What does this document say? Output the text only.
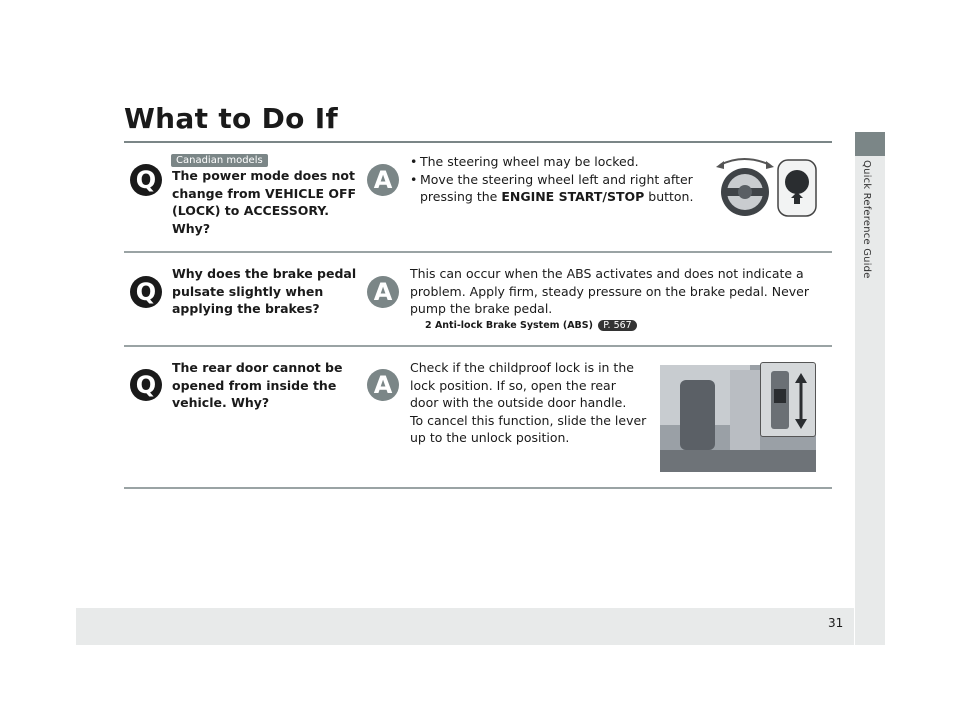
31
Quick Reference Guide
What to Do If
Q
Canadian models
The power mode does not
change from VEHICLE OFF
(LOCK) to ACCESSORY.
Why?
A
• The steering wheel may be locked.
• Move the steering wheel left and right after
pressing the ENGINE START/STOP button.
Q
Why does the brake pedal
pulsate slightly when
applying the brakes?
A
This can occur when the ABS activates and does not indicate a
problem. Apply firm, steady pressure on the brake pedal. Never
pump the brake pedal.
2 Anti-lock Brake System (ABS) P. 567
Q
The rear door cannot be
opened from inside the
vehicle. Why?
A
Check if the childproof lock is in the
lock position. If so, open the rear
door with the outside door handle.
To cancel this function, slide the lever
up to the unlock position.
